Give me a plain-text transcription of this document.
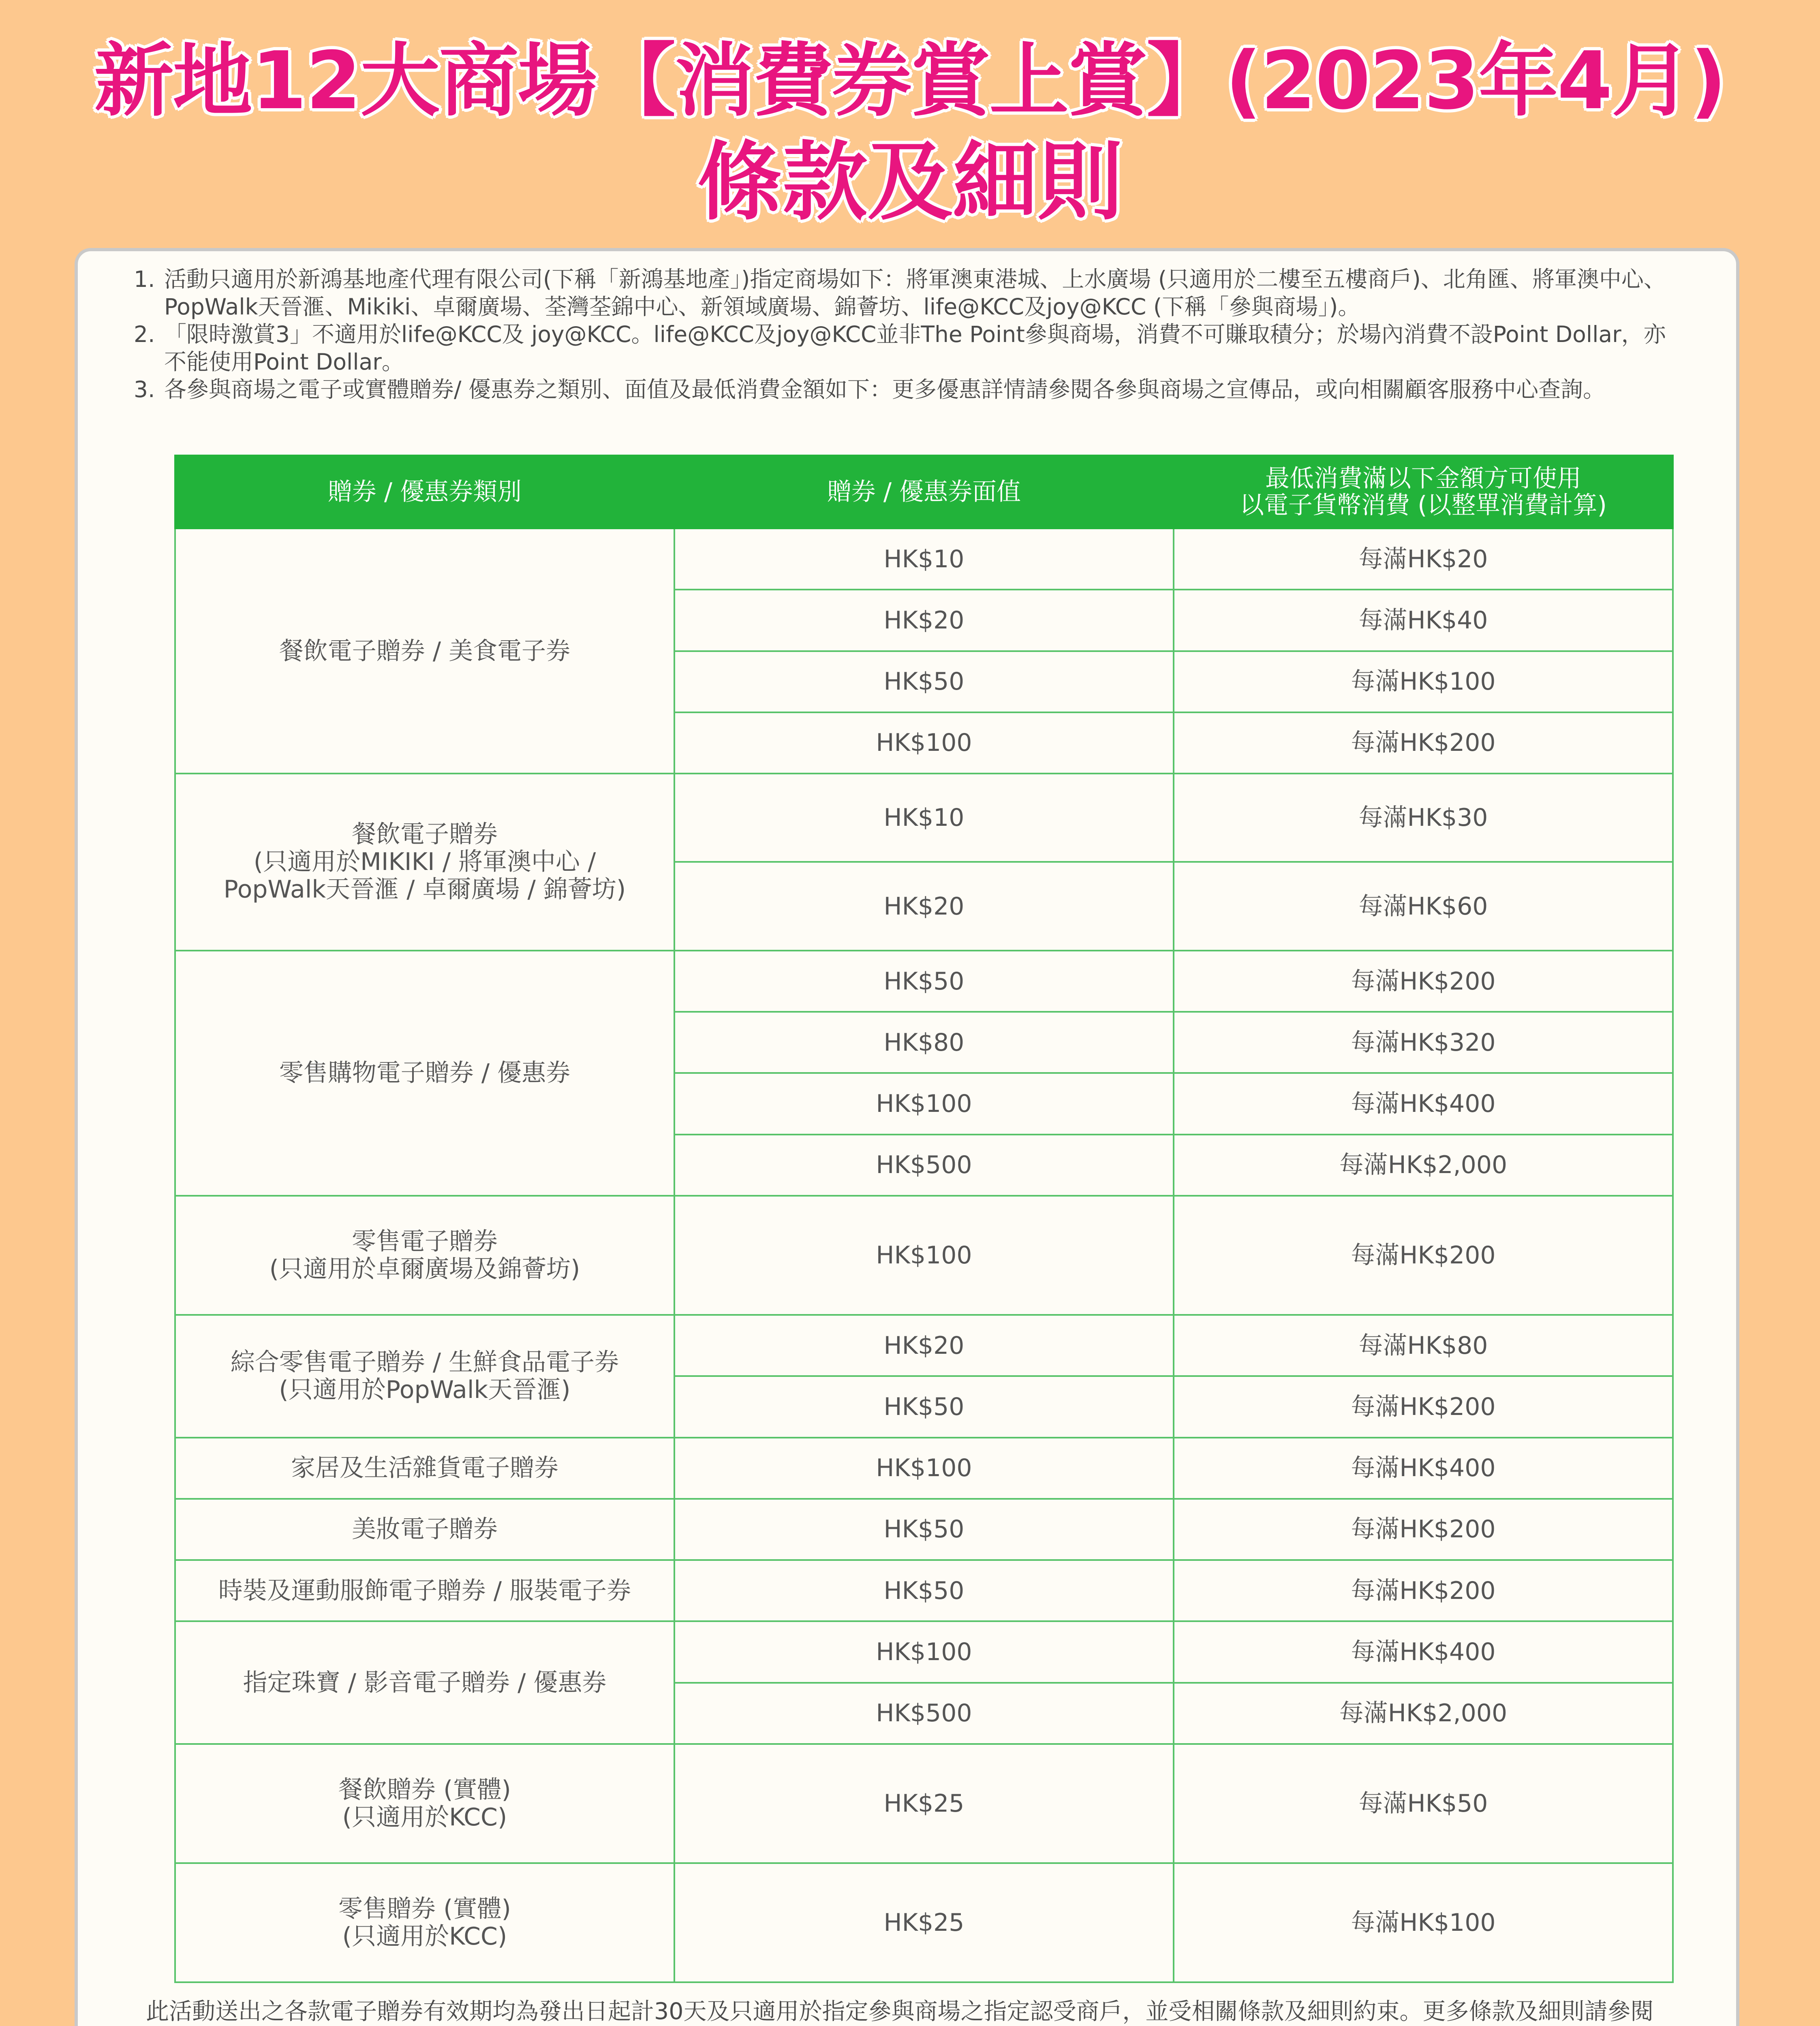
新地12大商場【消費券賞上賞】(2023年4月)
條款及細則
1. 活動只適用於新鴻基地產代理有限公司(下稱「新鴻基地產」)指定商場如下：將軍澳東港城、上水廣場 (只適用於二樓至五樓商戶)、北角匯、將軍澳中心、PopWalk天晉滙、Mikiki、卓爾廣場、荃灣荃錦中心、新領域廣場、錦薈坊、life@KCC及joy@KCC (下稱「參與商場」)。
2. 「限時激賞3」不適用於life@KCC及 joy@KCC。life@KCC及joy@KCC並非The Point參與商場，消費不可賺取積分；於場內消費不設Point Dollar，亦不能使用Point Dollar。
3. 各參與商場之電子或實體贈券/ 優惠券之類別、面值及最低消費金額如下：更多優惠詳情請參閱各參與商場之宣傳品，或向相關顧客服務中心查詢。
贈券 / 優惠券類別	贈券 / 優惠券面值	最低消費滿以下金額方可使用
以電子貨幣消費 (以整單消費計算)

餐飲電子贈券 / 美食電子券	HK$10	每滿HK$20
	HK$20	每滿HK$40
	HK$50	每滿HK$100
	HK$100	每滿HK$200
餐飲電子贈券
(只適用於MIKIKI / 將軍澳中心 /
PopWalk天晉滙 / 卓爾廣場 / 錦薈坊)	HK$10	每滿HK$30
	HK$20	每滿HK$60
零售購物電子贈券 / 優惠券	HK$50	每滿HK$200
	HK$80	每滿HK$320
	HK$100	每滿HK$400
	HK$500	每滿HK$2,000
零售電子贈券
(只適用於卓爾廣場及錦薈坊)	HK$100	每滿HK$200
綜合零售電子贈券 / 生鮮食品電子券
(只適用於PopWalk天晉滙)	HK$20	每滿HK$80
	HK$50	每滿HK$200
家居及生活雜貨電子贈券	HK$100	每滿HK$400
美妝電子贈券	HK$50	每滿HK$200
時裝及運動服飾電子贈券 / 服裝電子券	HK$50	每滿HK$200
指定珠寶 / 影音電子贈券 / 優惠券	HK$100	每滿HK$400
	HK$500	每滿HK$2,000
餐飲贈券 (實體)
(只適用於KCC)	HK$25	每滿HK$50
零售贈券 (實體)
(只適用於KCC)	HK$25	每滿HK$100
此活動送出之各款電子贈券有效期均為發出日起計30天及只適用於指定參與商場之指定認受商戶，並受相關條款及細則約束。更多條款及細則請參閱
